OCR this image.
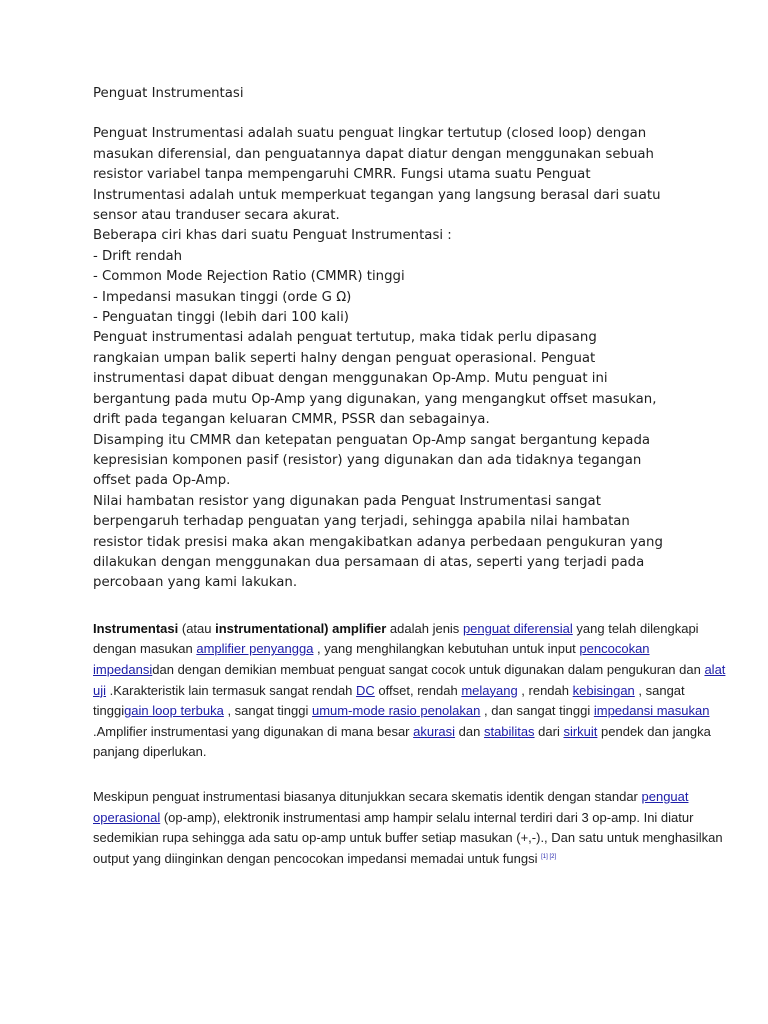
Penguat Instrumentasi
Penguat Instrumentasi adalah suatu penguat lingkar tertutup (closed loop) dengan
masukan diferensial, dan penguatannya dapat diatur dengan menggunakan sebuah
resistor variabel tanpa mempengaruhi CMRR. Fungsi utama suatu Penguat
Instrumentasi adalah untuk memperkuat tegangan yang langsung berasal dari suatu
sensor atau tranduser secara akurat.
Beberapa ciri khas dari suatu Penguat Instrumentasi :
- Drift rendah
- Common Mode Rejection Ratio (CMMR) tinggi
- Impedansi masukan tinggi (orde G Ω)
- Penguatan tinggi (lebih dari 100 kali)
Penguat instrumentasi adalah penguat tertutup, maka tidak perlu dipasang
rangkaian umpan balik seperti halny dengan penguat operasional. Penguat
instrumentasi dapat dibuat dengan menggunakan Op-Amp. Mutu penguat ini
bergantung pada mutu Op-Amp yang digunakan, yang mengangkut offset masukan,
drift pada tegangan keluaran CMMR, PSSR dan sebagainya.
Disamping itu CMMR dan ketepatan penguatan Op-Amp sangat bergantung kepada
kepresisian komponen pasif (resistor) yang digunakan dan ada tidaknya tegangan
offset pada Op-Amp.
Nilai hambatan resistor yang digunakan pada Penguat Instrumentasi sangat
berpengaruh terhadap penguatan yang terjadi, sehingga apabila nilai hambatan
resistor tidak presisi maka akan mengakibatkan adanya perbedaan pengukuran yang
dilakukan dengan menggunakan dua persamaan di atas, seperti yang terjadi pada
percobaan yang kami lakukan.

Instrumentasi (atau instrumentational) amplifier adalah jenis penguat diferensial yang telah dilengkapi dengan masukan amplifier penyangga , yang menghilangkan kebutuhan untuk input pencocokan impedansidan dengan demikian membuat penguat sangat cocok untuk digunakan dalam pengukuran dan alat uji .Karakteristik lain termasuk sangat rendah DC offset, rendah melayang , rendah kebisingan , sangat tinggigain loop terbuka , sangat tinggi umum-mode rasio penolakan , dan sangat tinggi impedansi masukan .Amplifier instrumentasi yang digunakan di mana besar akurasi dan stabilitas dari sirkuit pendek dan jangka panjang diperlukan.

Meskipun penguat instrumentasi biasanya ditunjukkan secara skematis identik dengan standar penguat operasional (op-amp), elektronik instrumentasi amp hampir selalu internal terdiri dari 3 op-amp. Ini diatur sedemikian rupa sehingga ada satu op-amp untuk buffer setiap masukan (+,-)., Dan satu untuk menghasilkan output yang diinginkan dengan pencocokan impedansi memadai untuk fungsi [1] [2]
